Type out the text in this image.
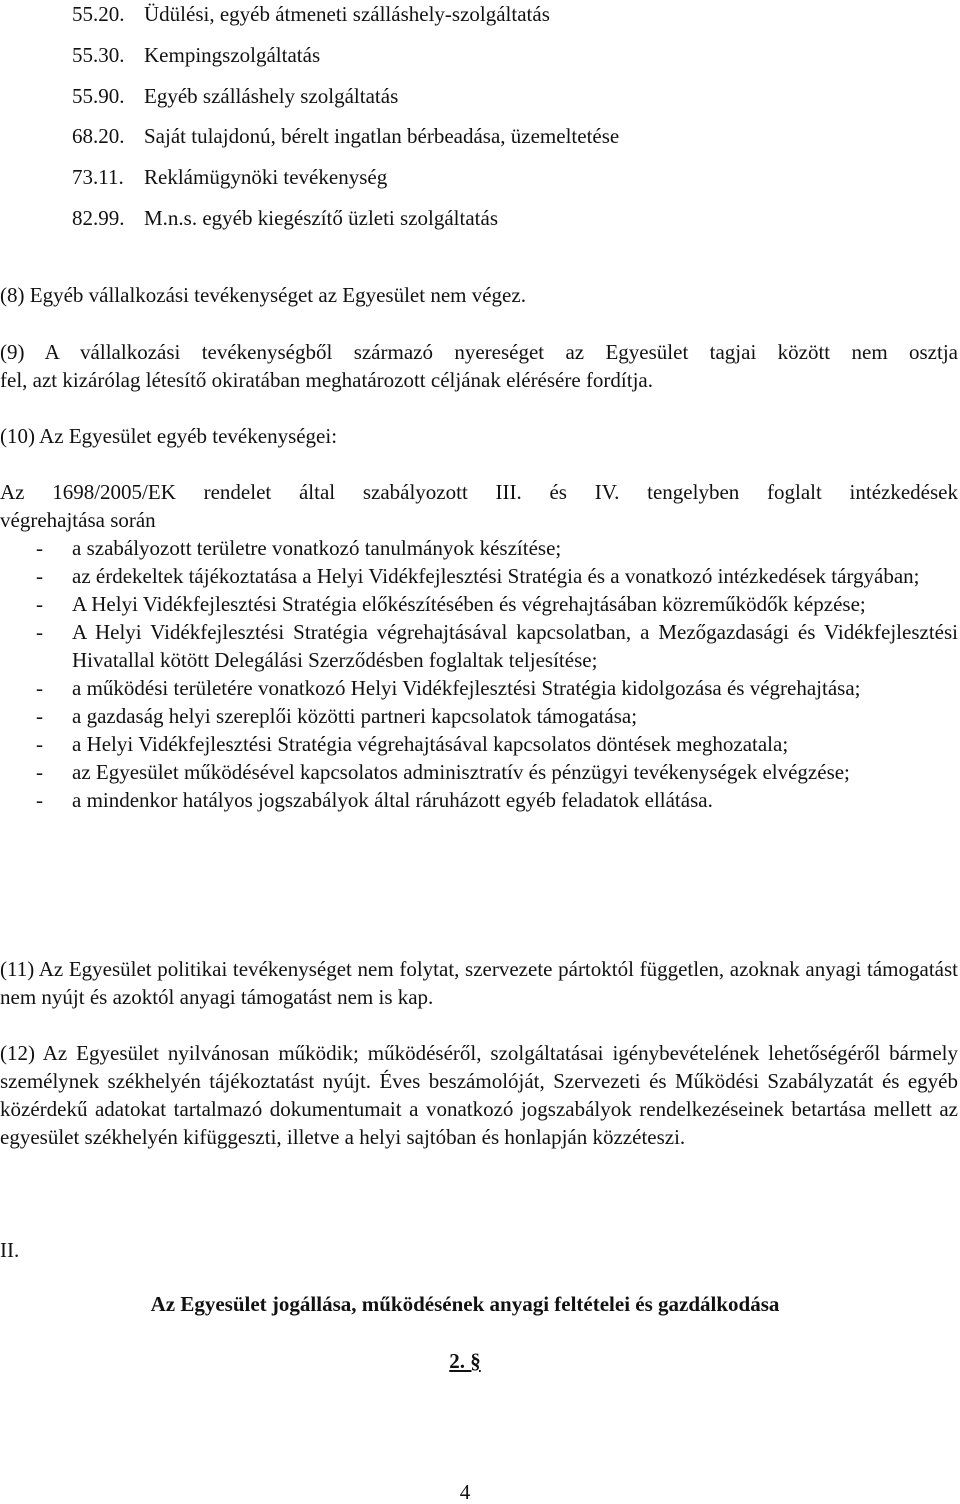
55.20. Üdülési, egyéb átmeneti szálláshely-szolgáltatás
55.30. Kempingszolgáltatás
55.90. Egyéb szálláshely szolgáltatás
68.20. Saját tulajdonú, bérelt ingatlan bérbeadása, üzemeltetése
73.11. Reklámügynöki tevékenység
82.99. M.n.s. egyéb kiegészítő üzleti szolgáltatás

(8) Egyéb vállalkozási tevékenységet az Egyesület nem végez.

(9) A vállalkozási tevékenységből származó nyereséget az Egyesület tagjai között nem osztja
fel, azt kizárólag létesítő okiratában meghatározott céljának elérésére fordítja.

(10) Az Egyesület egyéb tevékenységei:

Az 1698/2005/EK rendelet által szabályozott III. és IV. tengelyben foglalt intézkedések
végrehajtása során
- a szabályozott területre vonatkozó tanulmányok készítése;
- az érdekeltek tájékoztatása a Helyi Vidékfejlesztési Stratégia és a vonatkozó intézkedések tárgyában;
- A Helyi Vidékfejlesztési Stratégia előkészítésében és végrehajtásában közreműködők képzése;
- A Helyi Vidékfejlesztési Stratégia végrehajtásával kapcsolatban, a Mezőgazdasági és Vidékfejlesztési Hivatallal kötött Delegálási Szerződésben foglaltak teljesítése;
- a működési területére vonatkozó Helyi Vidékfejlesztési Stratégia kidolgozása és végrehajtása;
- a gazdaság helyi szereplői közötti partneri kapcsolatok támogatása;
- a Helyi Vidékfejlesztési Stratégia végrehajtásával kapcsolatos döntések meghozatala;
- az Egyesület működésével kapcsolatos adminisztratív és pénzügyi tevékenységek elvégzése;
- a mindenkor hatályos jogszabályok által ráruházott egyéb feladatok ellátása.

(11) Az Egyesület politikai tevékenységet nem folytat, szervezete pártoktól független, azoknak anyagi támogatást nem nyújt és azoktól anyagi támogatást nem is kap.

(12) Az Egyesület nyilvánosan működik; működéséről, szolgáltatásai igénybevételének lehetőségéről bármely személynek székhelyén tájékoztatást nyújt. Éves beszámolóját, Szervezeti és Működési Szabályzatát és egyéb közérdekű adatokat tartalmazó dokumentumait a vonatkozó jogszabályok rendelkezéseinek betartása mellett az egyesület székhelyén kifüggeszti, illetve a helyi sajtóban és honlapján közzéteszi.

II.
Az Egyesület jogállása, működésének anyagi feltételei és gazdálkodása
2. §
4
